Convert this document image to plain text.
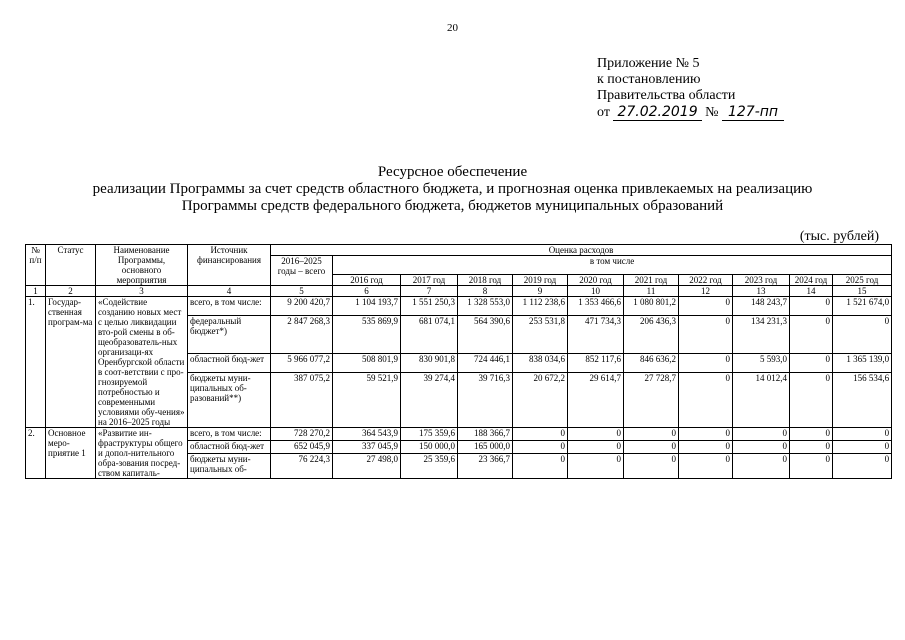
20
Приложение № 5
к постановлению
Правительства области
от 27.02.2019 № 127-пп
Ресурсное обеспечение
реализации Программы за счет средств областного бюджета, и прогнозная оценка привлекаемых на реализацию
Программы средств федерального бюджета, бюджетов муниципальных образований
(тыс. рублей)
№ п/п	Статус	Наименование Программы, основного мероприятия	Источник финансирования	Оценка расходов										
				2016–2025 годы – всего	в том числе									
					2016 год	2017 год	2018 год	2019 год	2020 год	2021 год	2022 год	2023 год	2024 год	2025 год
1	2	3	4	5	6	7	8	9	10	11	12	13	14	15
1.	Государ-ственная програм-ма	«Содействие созданию новых мест с целью ликвидации вто-рой смены в об-щеобразователь-ных организаци-ях Оренбургской области в соот-ветствии с про-гнозируемой потребностью и современными условиями обу-чения» на 2016–2025 годы	всего, в том числе:	9 200 420,7	1 104 193,7	1 551 250,3	1 328 553,0	1 112 238,6	1 353 466,6	1 080 801,2	0	148 243,7	0	1 521 674,0
			федеральный бюджет*)	2 847 268,3	535 869,9	681 074,1	564 390,6	253 531,8	471 734,3	206 436,3	0	134 231,3	0	0
			областной бюд-жет	5 966 077,2	508 801,9	830 901,8	724 446,1	838 034,6	852 117,6	846 636,2	0	5 593,0	0	1 365 139,0
			бюджеты муни-ципальных об-разований**)	387 075,2	59 521,9	39 274,4	39 716,3	20 672,2	29 614,7	27 728,7	0	14 012,4	0	156 534,6
2.	Основное меро-приятие 1	«Развитие ин-фраструктуры общего и допол-нительного обра-зования посред-ством капиталь-	всего, в том числе:	728 270,2	364 543,9	175 359,6	188 366,7	0	0	0	0	0	0	0
			областной бюд-жет	652 045,9	337 045,9	150 000,0	165 000,0	0	0	0	0	0	0	0
			бюджеты муни-ципальных об-	76 224,3	27 498,0	25 359,6	23 366,7	0	0	0	0	0	0	0
